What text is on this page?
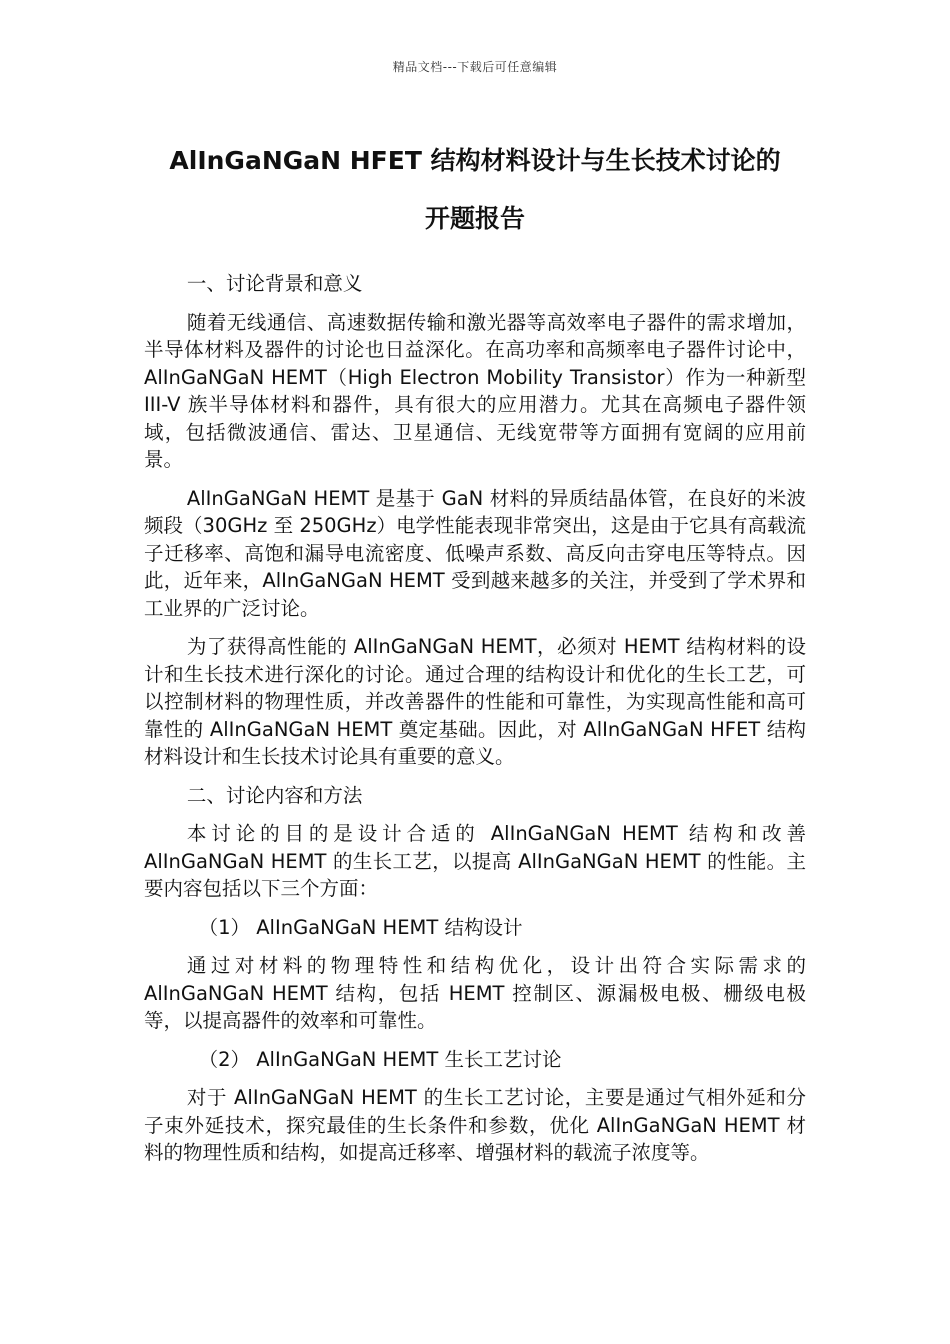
精品文档---下载后可任意编辑
AlInGaNGaN HFET 结构材料设计与生长技术讨论的
开题报告

一、讨论背景和意义

随着无线通信、高速数据传输和激光器等高效率电子器件的需求增加，半导体材料及器件的讨论也日益深化。在高功率和高频率电子器件讨论中，AlInGaNGaN HEMT（High Electron Mobility Transistor）作为一种新型 III-V 族半导体材料和器件，具有很大的应用潜力。尤其在高频电子器件领域，包括微波通信、雷达、卫星通信、无线宽带等方面拥有宽阔的应用前景。

AlInGaNGaN HEMT 是基于 GaN 材料的异质结晶体管，在良好的米波频段（30GHz 至 250GHz）电学性能表现非常突出，这是由于它具有高载流子迁移率、高饱和漏导电流密度、低噪声系数、高反向击穿电压等特点。因此，近年来，AlInGaNGaN HEMT 受到越来越多的关注，并受到了学术界和工业界的广泛讨论。

为了获得高性能的 AlInGaNGaN HEMT，必须对 HEMT 结构材料的设计和生长技术进行深化的讨论。通过合理的结构设计和优化的生长工艺，可以控制材料的物理性质，并改善器件的性能和可靠性，为实现高性能和高可靠性的 AlInGaNGaN HEMT 奠定基础。因此，对 AlInGaNGaN HFET 结构材料设计和生长技术讨论具有重要的意义。

二、讨论内容和方法

本讨论的目的是设计合适的 AlInGaNGaN HEMT 结构和改善 AlInGaNGaN HEMT 的生长工艺，以提高 AlInGaNGaN HEMT 的性能。主要内容包括以下三个方面：

（1） AlInGaNGaN HEMT 结构设计

通过对材料的物理特性和结构优化，设计出符合实际需求的 AlInGaNGaN HEMT 结构，包括 HEMT 控制区、源漏极电极、栅级电极等，以提高器件的效率和可靠性。

（2） AlInGaNGaN HEMT 生长工艺讨论

对于 AlInGaNGaN HEMT 的生长工艺讨论，主要是通过气相外延和分子束外延技术，探究最佳的生长条件和参数，优化 AlInGaNGaN HEMT 材料的物理性质和结构，如提高迁移率、增强材料的载流子浓度等。
